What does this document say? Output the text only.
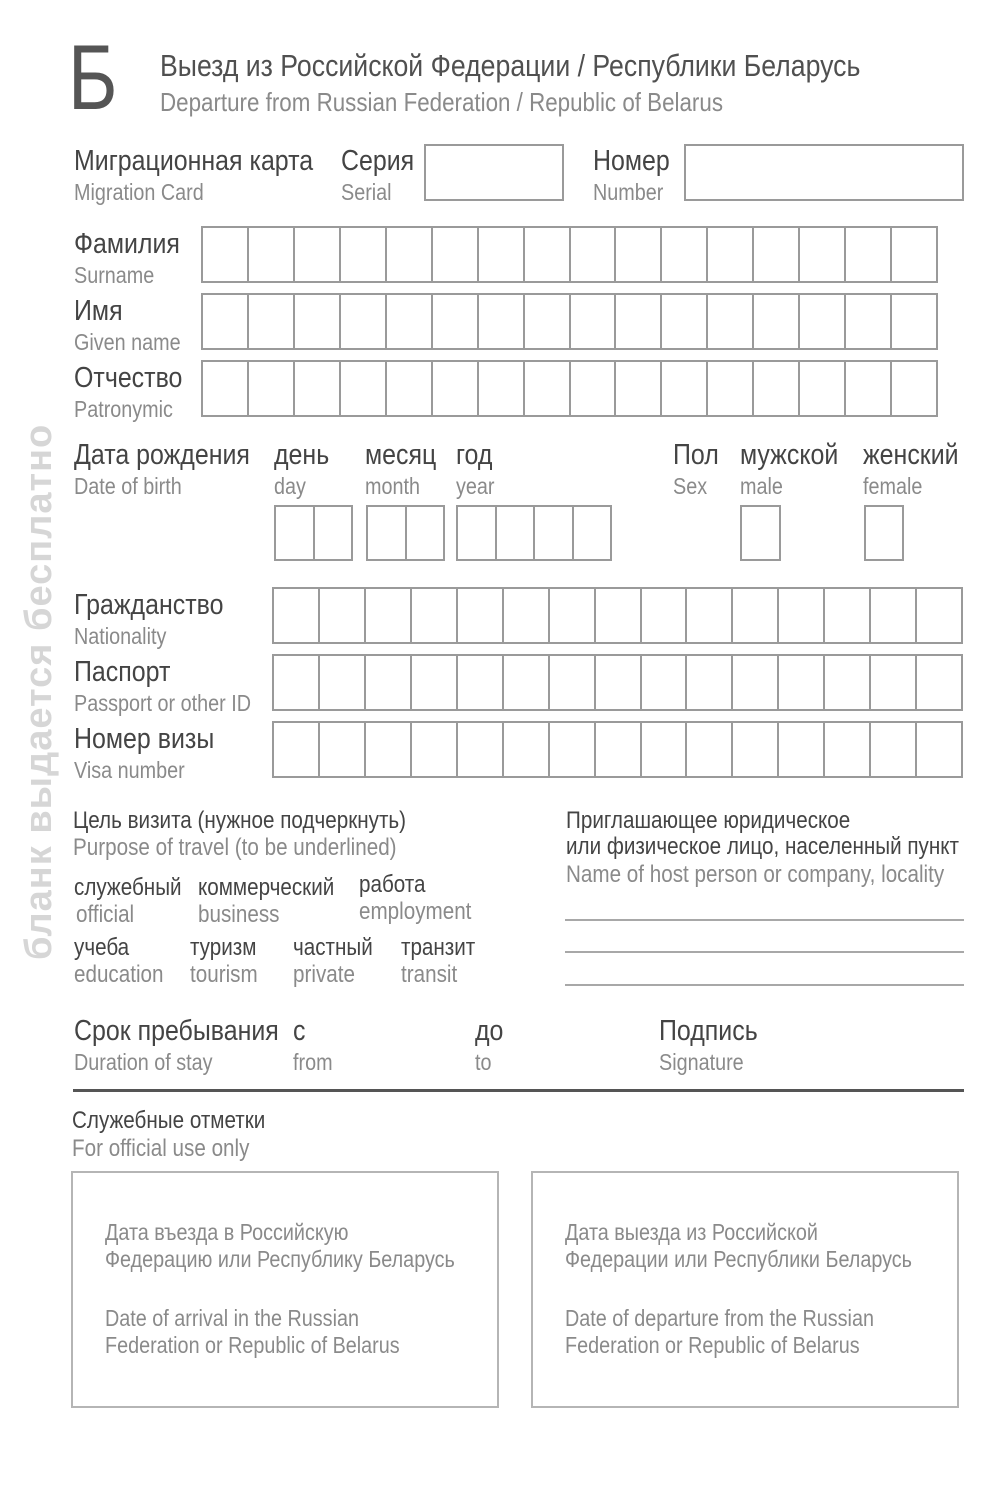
бланк выдается бесплатно
Б Выезд из Российской Федерации / Республики Беларусь
Departure from Russian Federation / Republic of Belarus
Миграционная карта
Migration Card
Серия
Serial
Номер
Number
Фамилия
Surname
Имя
Given name
Отчество
Patronymic
Дата рождения
Date of birth
день
day
месяц
month
год
year
Пол
Sex
мужской
male
женский
female
Гражданство
Nationality
Паспорт
Passport or other ID
Номер визы
Visa number
Цель визита (нужное подчеркнуть)
Purpose of travel (to be underlined)
служебный
official
коммерческий
business
работа
employment
учеба
education
туризм
tourism
частный
private
транзит
transit
Приглашающее юридическое
или физическое лицо, населенный пункт
Name of host person or company, locality
Срок пребывания
Duration of stay
с
from
до
to
Подпись
Signature
Служебные отметки
For official use only
Дата въезда в Российскую
Федерацию или Республику Беларусь
Date of arrival in the Russian
Federation or Republic of Belarus
Дата выезда из Российской
Федерации или Республики Беларусь
Date of departure from the Russian
Federation or Republic of Belarus
